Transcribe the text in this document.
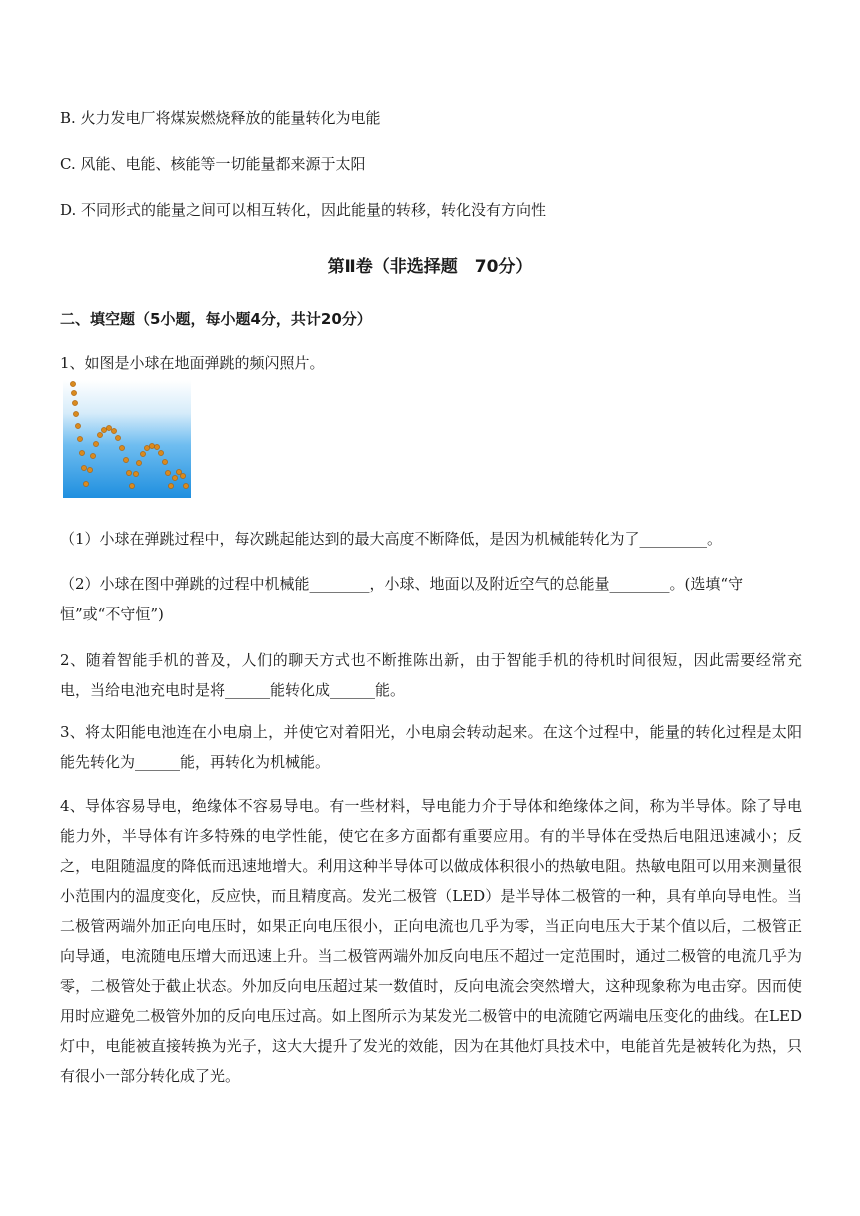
B. 火力发电厂将煤炭燃烧释放的能量转化为电能
C. 风能、电能、核能等一切能量都来源于太阳
D. 不同形式的能量之间可以相互转化，因此能量的转移，转化没有方向性
第Ⅱ卷（非选择题　70分）
二、填空题（5小题，每小题4分，共计20分）
1、如图是小球在地面弹跳的频闪照片。
（1）小球在弹跳过程中，每次跳起能达到的最大高度不断降低，是因为机械能转化为了_________。
（2）小球在图中弹跳的过程中机械能________，小球、地面以及附近空气的总能量________。(选填“守恒”或“不守恒”)
2、随着智能手机的普及，人们的聊天方式也不断推陈出新，由于智能手机的待机时间很短，因此需要经常充电，当给电池充电时是将______能转化成______能。
3、将太阳能电池连在小电扇上，并使它对着阳光，小电扇会转动起来。在这个过程中，能量的转化过程是太阳能先转化为______能，再转化为机械能。
4、导体容易导电，绝缘体不容易导电。有一些材料，导电能力介于导体和绝缘体之间，称为半导体。除了导电能力外，半导体有许多特殊的电学性能，使它在多方面都有重要应用。有的半导体在受热后电阻迅速减小；反之，电阻随温度的降低而迅速地增大。利用这种半导体可以做成体积很小的热敏电阻。热敏电阻可以用来测量很小范围内的温度变化，反应快，而且精度高。发光二极管（LED）是半导体二极管的一种，具有单向导电性。当二极管两端外加正向电压时，如果正向电压很小，正向电流也几乎为零，当正向电压大于某个值以后，二极管正向导通，电流随电压增大而迅速上升。当二极管两端外加反向电压不超过一定范围时，通过二极管的电流几乎为零，二极管处于截止状态。外加反向电压超过某一数值时，反向电流会突然增大，这种现象称为电击穿。因而使用时应避免二极管外加的反向电压过高。如上图所示为某发光二极管中的电流随它两端电压变化的曲线。在LED灯中，电能被直接转换为光子，这大大提升了发光的效能，因为在其他灯具技术中，电能首先是被转化为热，只有很小一部分转化成了光。
